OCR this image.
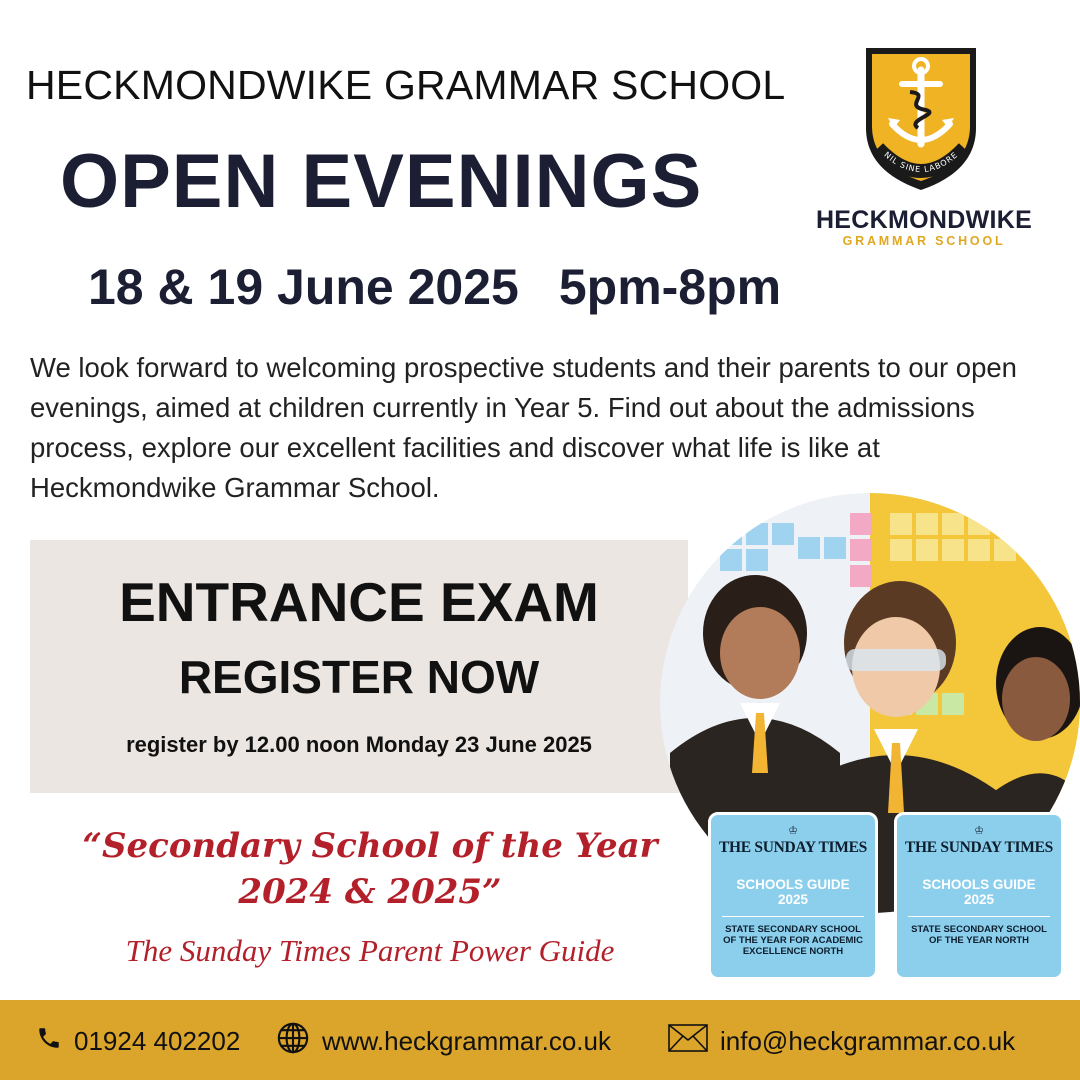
HECKMONDWIKE GRAMMAR SCHOOL
OPEN EVENINGS
18 & 19 June 2025 5pm-8pm
NIL SINE LABORE
HECKMONDWIKE
GRAMMAR SCHOOL

We look forward to welcoming prospective students and their parents to our open evenings, aimed at children currently in Year 5. Find out about the admissions process, explore our excellent facilities and discover what life is like at Heckmondwike Grammar School.

ENTRANCE EXAM
REGISTER NOW
register by 12.00 noon Monday 23 June 2025
“Secondary School of the Year 2024 & 2025”
The Sunday Times Parent Power Guide
♔
THE SUNDAY TIMES
SCHOOLS GUIDE
2025
STATE SECONDARY SCHOOL OF THE YEAR FOR ACADEMIC EXCELLENCE NORTH
♔
THE SUNDAY TIMES
SCHOOLS GUIDE
2025
STATE SECONDARY SCHOOL OF THE YEAR NORTH
01924 402202	www.heckgrammar.co.uk	info@heckgrammar.co.uk
